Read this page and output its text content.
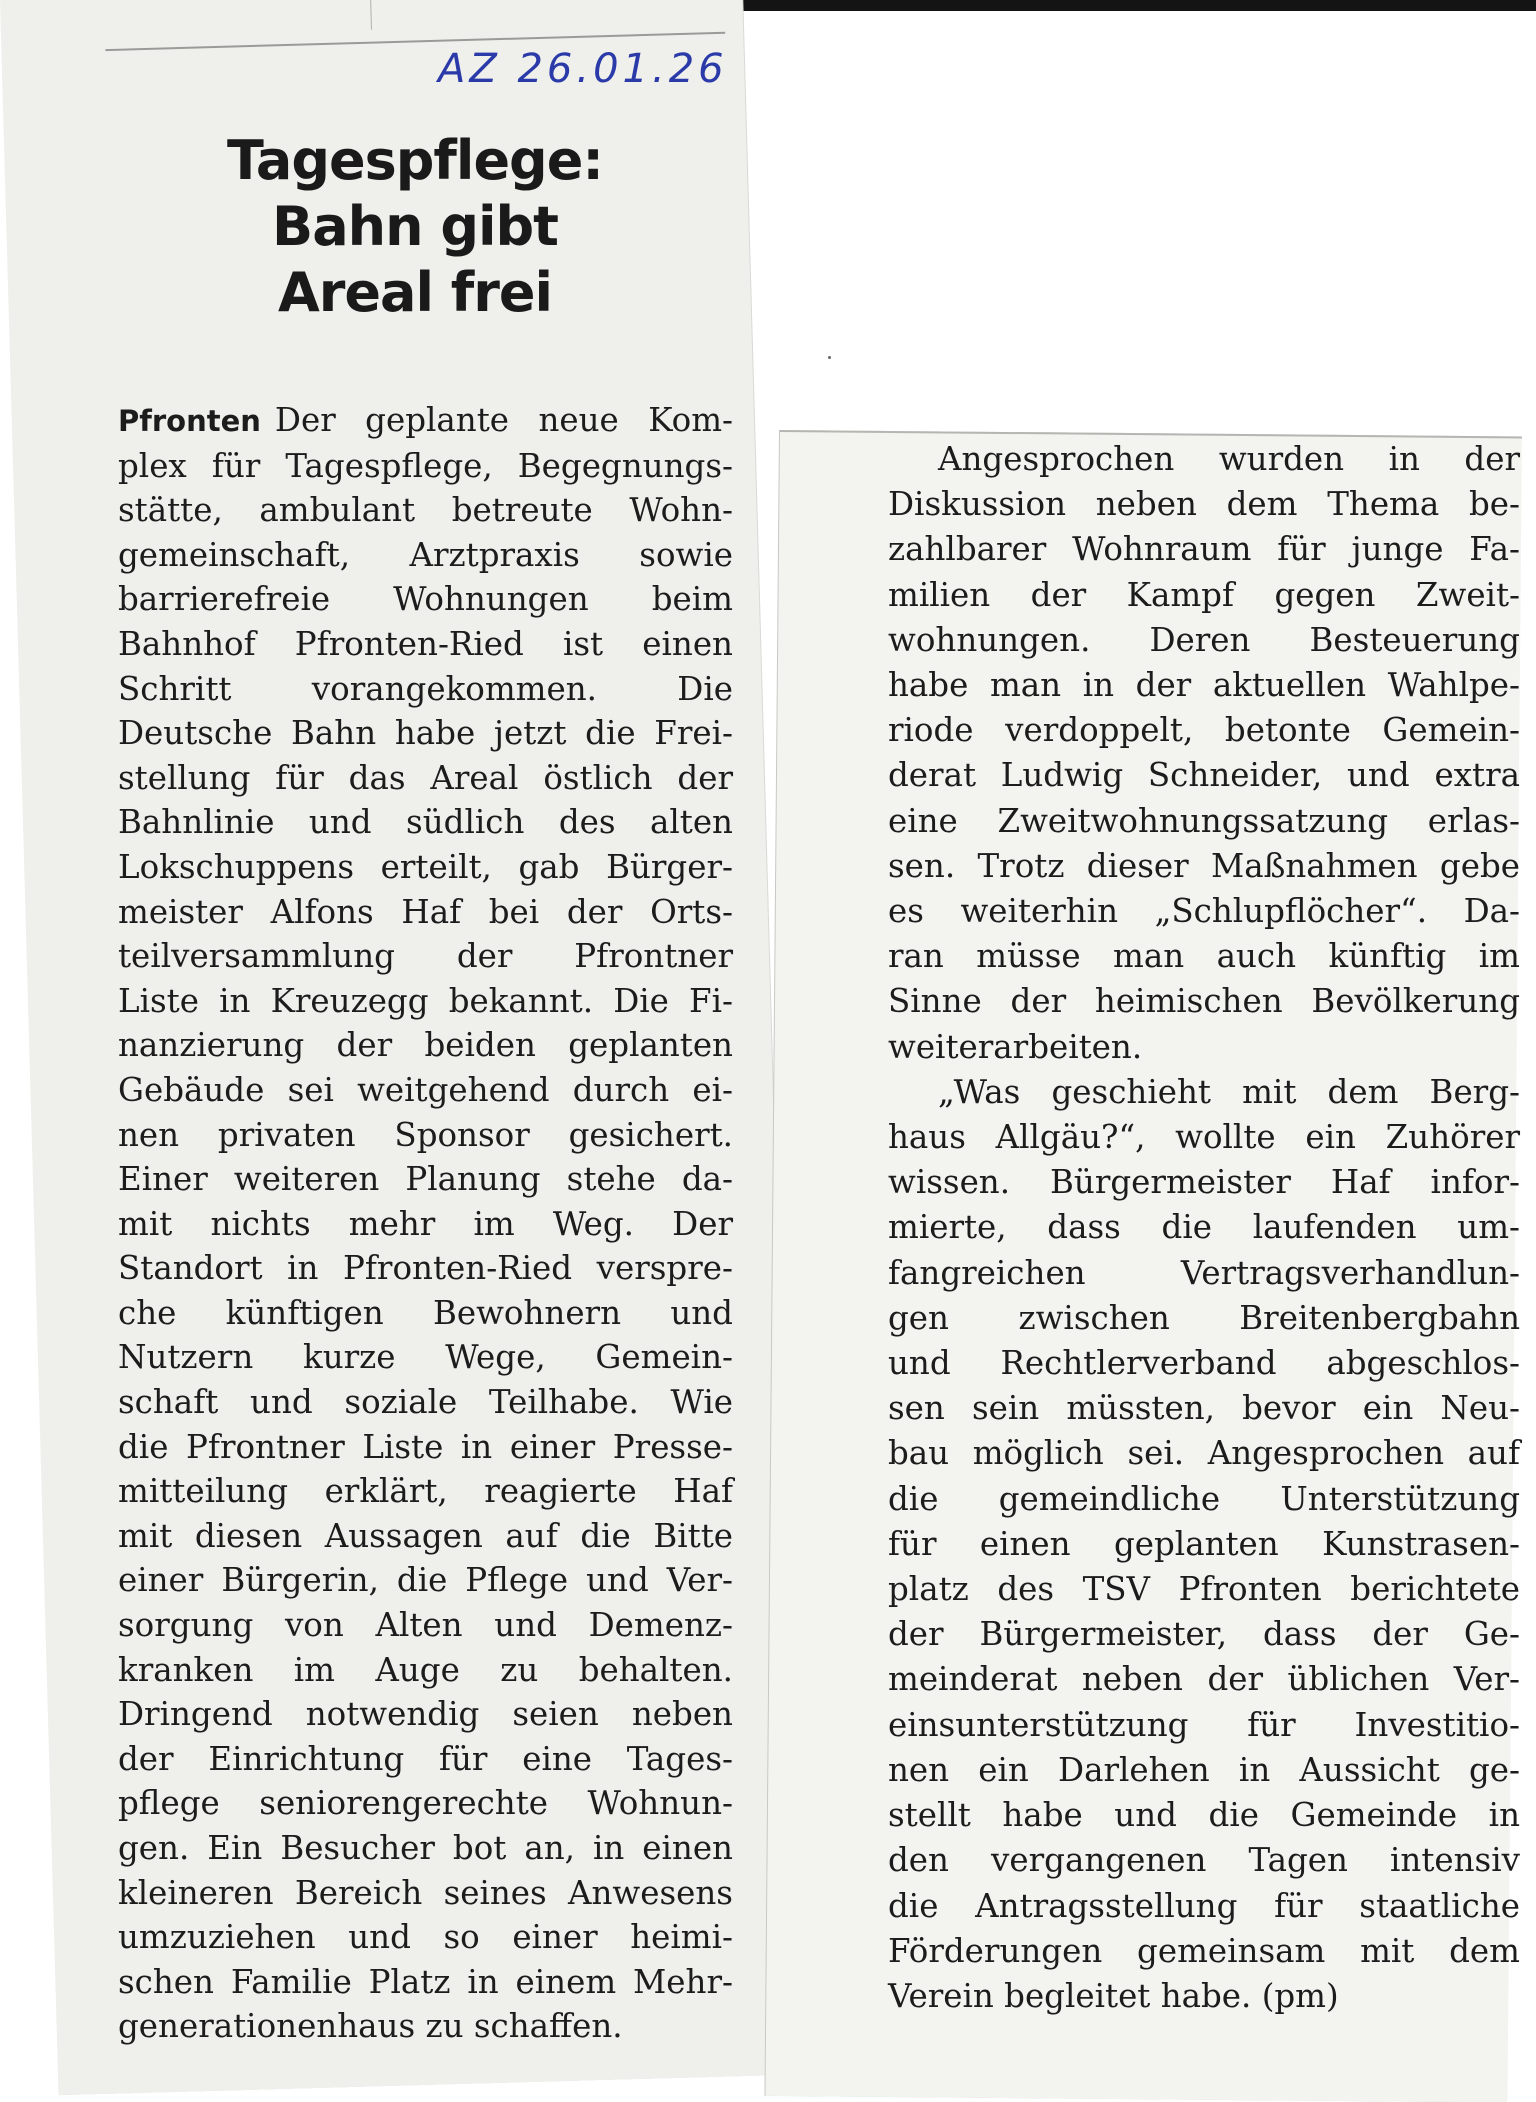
AZ 26.01.26
Tagespflege:
Bahn gibt
Areal frei
Pfronten Der geplante neue Kom-
plex für Tagespflege, Begegnungs-
stätte, ambulant betreute Wohn-
gemeinschaft, Arztpraxis sowie
barrierefreie Wohnungen beim
Bahnhof Pfronten-Ried ist einen
Schritt vorangekommen. Die
Deutsche Bahn habe jetzt die Frei-
stellung für das Areal östlich der
Bahnlinie und südlich des alten
Lokschuppens erteilt, gab Bürger-
meister Alfons Haf bei der Orts-
teilversammlung der Pfrontner
Liste in Kreuzegg bekannt. Die Fi-
nanzierung der beiden geplanten
Gebäude sei weitgehend durch ei-
nen privaten Sponsor gesichert.
Einer weiteren Planung stehe da-
mit nichts mehr im Weg. Der
Standort in Pfronten-Ried verspre-
che künftigen Bewohnern und
Nutzern kurze Wege, Gemein-
schaft und soziale Teilhabe. Wie
die Pfrontner Liste in einer Presse-
mitteilung erklärt, reagierte Haf
mit diesen Aussagen auf die Bitte
einer Bürgerin, die Pflege und Ver-
sorgung von Alten und Demenz-
kranken im Auge zu behalten.
Dringend notwendig seien neben
der Einrichtung für eine Tages-
pflege seniorengerechte Wohnun-
gen. Ein Besucher bot an, in einen
kleineren Bereich seines Anwesens
umzuziehen und so einer heimi-
schen Familie Platz in einem Mehr-
generationenhaus zu schaffen.
Angesprochen wurden in der
Diskussion neben dem Thema be-
zahlbarer Wohnraum für junge Fa-
milien der Kampf gegen Zweit-
wohnungen. Deren Besteuerung
habe man in der aktuellen Wahlpe-
riode verdoppelt, betonte Gemein-
derat Ludwig Schneider, und extra
eine Zweitwohnungssatzung erlas-
sen. Trotz dieser Maßnahmen gebe
es weiterhin „Schlupflöcher“. Da-
ran müsse man auch künftig im
Sinne der heimischen Bevölkerung
weiterarbeiten.
„Was geschieht mit dem Berg-
haus Allgäu?“, wollte ein Zuhörer
wissen. Bürgermeister Haf infor-
mierte, dass die laufenden um-
fangreichen Vertragsverhandlun-
gen zwischen Breitenbergbahn
und Rechtlerverband abgeschlos-
sen sein müssten, bevor ein Neu-
bau möglich sei. Angesprochen auf
die gemeindliche Unterstützung
für einen geplanten Kunstrasen-
platz des TSV Pfronten berichtete
der Bürgermeister, dass der Ge-
meinderat neben der üblichen Ver-
einsunterstützung für Investitio-
nen ein Darlehen in Aussicht ge-
stellt habe und die Gemeinde in
den vergangenen Tagen intensiv
die Antragsstellung für staatliche
Förderungen gemeinsam mit dem
Verein begleitet habe. (pm)
